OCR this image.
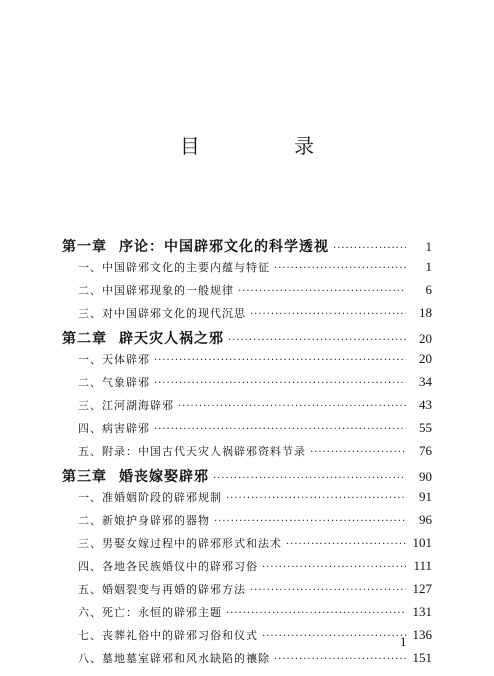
目 录
第一章 序论：中国辟邪文化的科学透视 ·····	1
一、中国辟邪文化的主要内蕴与特征 ·····	1
二、中国辟邪现象的一般规律 ·····	6
三、对中国辟邪文化的现代沉思 ·····	18
第二章 辟天灾人祸之邪 ·····	20
一、天体辟邪 ·····	20
二、气象辟邪 ·····	34
三、江河湖海辟邪 ·····	43
四、病害辟邪 ·····	55
五、附录：中国古代天灾人祸辟邪资料节录 ·····	76
第三章 婚丧嫁娶辟邪 ·····	90
一、准婚姻阶段的辟邪规制 ·····	91
二、新娘护身辟邪的器物 ·····	96
三、男娶女嫁过程中的辟邪形式和法术 ·····	101
四、各地各民族婚仪中的辟邪习俗 ·····	111
五、婚姻裂变与再婚的辟邪方法 ·····	127
六、死亡：永恒的辟邪主题 ·····	131
七、丧葬礼俗中的辟邪习俗和仪式 ·····	136
八、墓地墓室辟邪和风水缺陷的禳除 ·····	151
1
